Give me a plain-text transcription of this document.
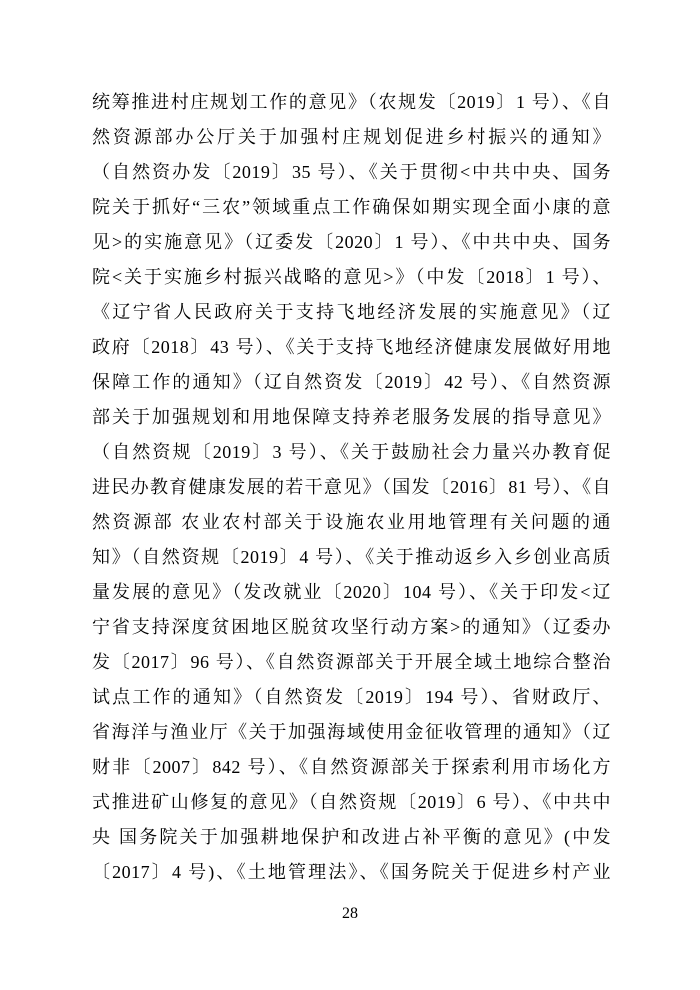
统筹推进村庄规划工作的意见》（农规发〔2019〕1 号）、《自
然资源部办公厅关于加强村庄规划促进乡村振兴的通知》
（自然资办发〔2019〕35 号）、《关于贯彻<中共中央、国务
院关于抓好“三农”领域重点工作确保如期实现全面小康的意
见>的实施意见》（辽委发〔2020〕1 号）、《中共中央、国务
院<关于实施乡村振兴战略的意见>》（中发〔2018〕1 号）、
《辽宁省人民政府关于支持飞地经济发展的实施意见》（辽
政府〔2018〕43 号）、《关于支持飞地经济健康发展做好用地
保障工作的通知》（辽自然资发〔2019〕42 号）、《自然资源
部关于加强规划和用地保障支持养老服务发展的指导意见》
（自然资规〔2019〕3 号）、《关于鼓励社会力量兴办教育促
进民办教育健康发展的若干意见》（国发〔2016〕81 号）、《自
然资源部 农业农村部关于设施农业用地管理有关问题的通
知》（自然资规〔2019〕4 号）、《关于推动返乡入乡创业高质
量发展的意见》（发改就业〔2020〕104 号）、《关于印发<辽
宁省支持深度贫困地区脱贫攻坚行动方案>的通知》（辽委办
发〔2017〕96 号）、《自然资源部关于开展全域土地综合整治
试点工作的通知》（自然资发〔2019〕194 号）、省财政厅、
省海洋与渔业厅《关于加强海域使用金征收管理的通知》（辽
财非〔2007〕842 号）、《自然资源部关于探索利用市场化方
式推进矿山修复的意见》（自然资规〔2019〕6 号）、《中共中
央 国务院关于加强耕地保护和改进占补平衡的意见》(中发
〔2017〕4 号)、《土地管理法》、《国务院关于促进乡村产业
28
